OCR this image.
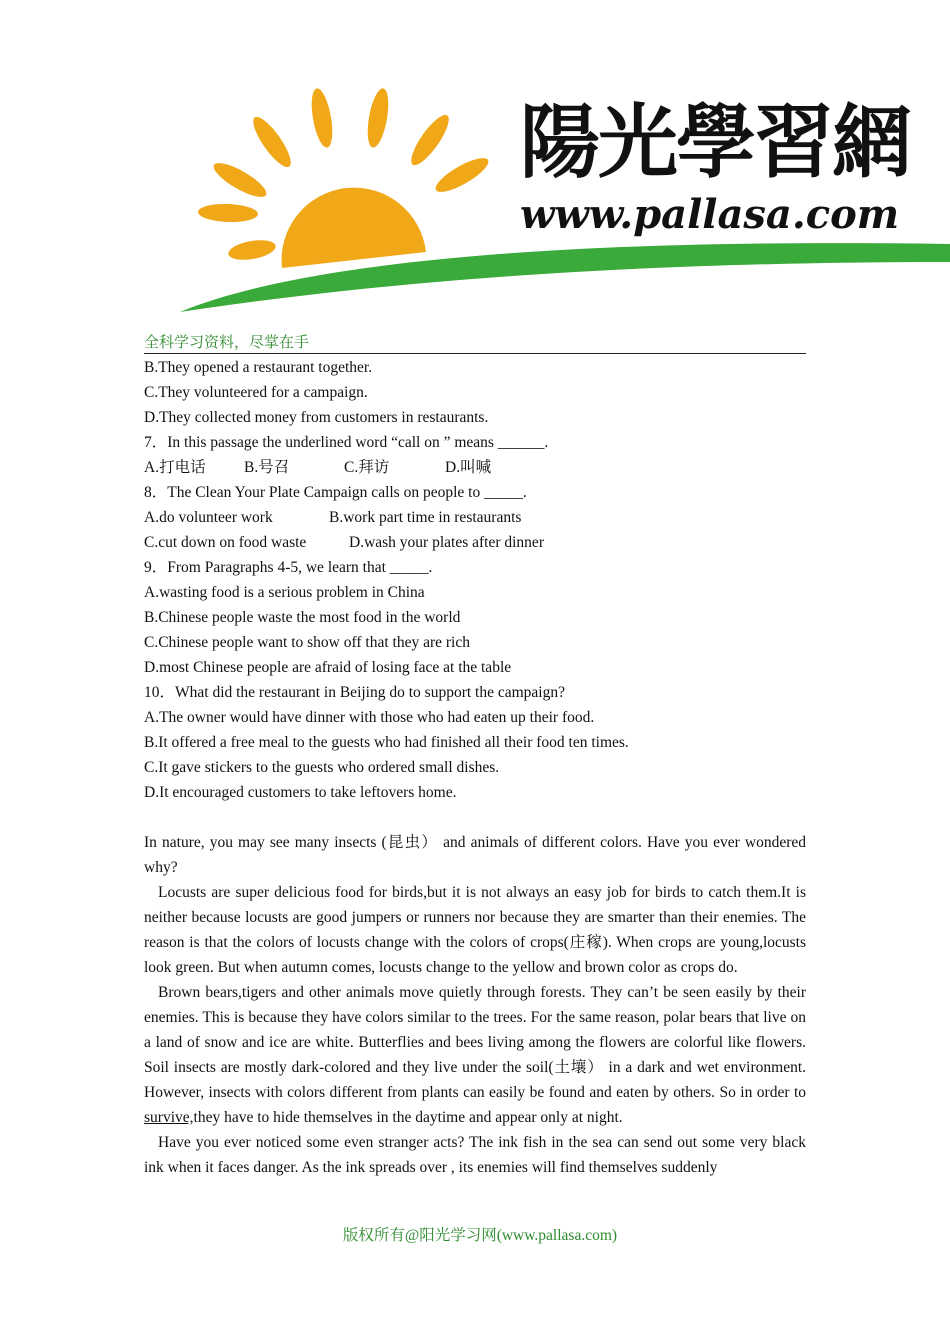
陽光學習網
www.pallasa.com
全科学习资料，尽掌在手
B.They opened a restaurant together.
C.They volunteered for a campaign.
D.They collected money from customers in restaurants.
7．In this passage the underlined word “call on ” means ______.
A.打电话 B.号召	C.拜访	D.叫喊
8．The Clean Your Plate Campaign calls on people to _____.
A.do volunteer work	B.work part time in restaurants
C.cut down on food waste	D.wash your plates after dinner
9．From Paragraphs 4-5, we learn that _____.
A.wasting food is a serious problem in China
B.Chinese people waste the most food in the world
C.Chinese people want to show off that they are rich
D.most Chinese people are afraid of losing face at the table
10．What did the restaurant in Beijing do to support the campaign?
A.The owner would have dinner with those who had eaten up their food.
B.It offered a free meal to the guests who had finished all their food ten times.
C.It gave stickers to the guests who ordered small dishes.
D.It encouraged customers to take leftovers home.

In nature, you may see many insects (昆虫） and animals of different colors. Have you ever wondered why?

Locusts are super delicious food for birds,but it is not always an easy job for birds to catch them.It is neither because locusts are good jumpers or runners nor because they are smarter than their enemies. The reason is that the colors of locusts change with the colors of crops(庄稼). When crops are young,locusts look green. But when autumn comes, locusts change to the yellow and brown color as crops do.

Brown bears,tigers and other animals move quietly through forests. They can’t be seen easily by their enemies. This is because they have colors similar to the trees. For the same reason, polar bears that live on a land of snow and ice are white. Butterflies and bees living among the flowers are colorful like flowers. Soil insects are mostly dark-colored and they live under the soil(土壤） in a dark and wet environment. However, insects with colors different from plants can easily be found and eaten by others. So in order to survive,they have to hide themselves in the daytime and appear only at night.

Have you ever noticed some even stranger acts? The ink fish in the sea can send out some very black ink when it faces danger. As the ink spreads over , its enemies will find themselves suddenly

版权所有@阳光学习网(www.pallasa.com)
